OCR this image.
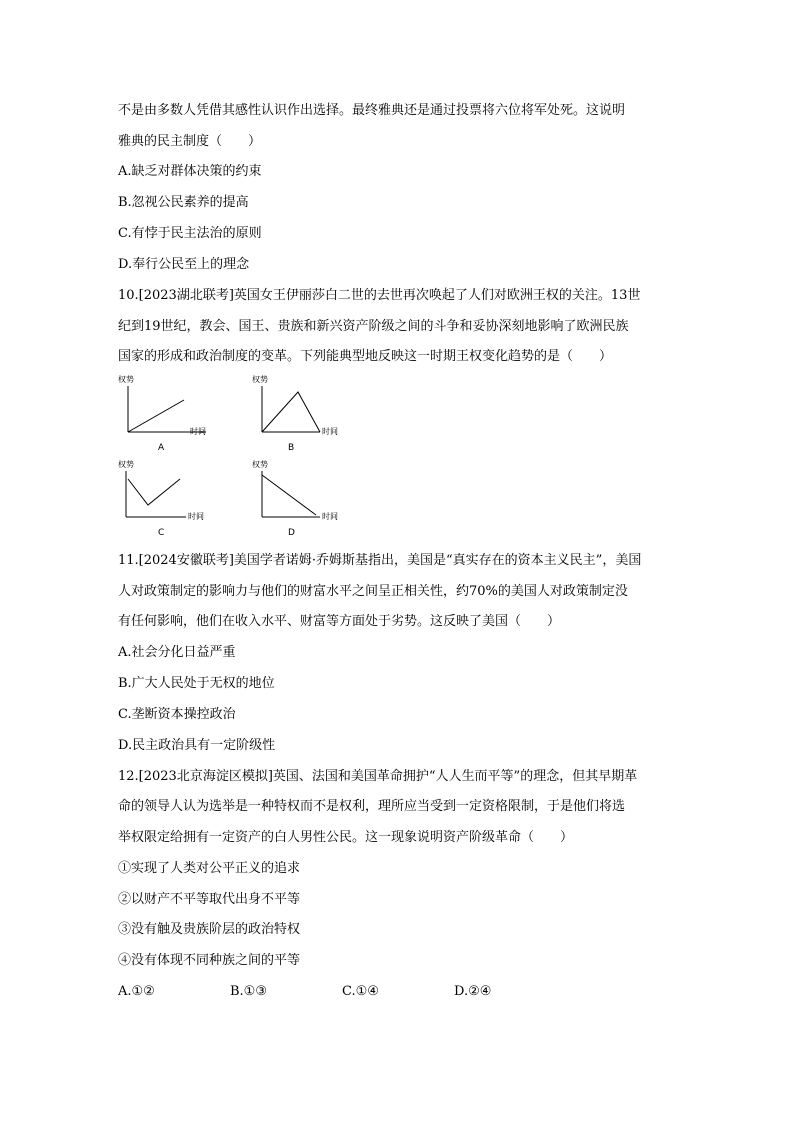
不是由多数人凭借其感性认识作出选择。最终雅典还是通过投票将六位将军处死。这说明
雅典的民主制度（　　）
A.缺乏对群体决策的约束
B.忽视公民素养的提高
C.有悖于民主法治的原则
D.奉行公民至上的理念
10.[2023湖北联考]英国女王伊丽莎白二世的去世再次唤起了人们对欧洲王权的关注。13世
纪到19世纪，教会、国王、贵族和新兴资产阶级之间的斗争和妥协深刻地影响了欧洲民族
国家的形成和政治制度的变革。下列能典型地反映这一时期王权变化趋势的是（　　）
权势
时间
A
权势
时间
B
权势
时间
C
权势
时间
D
11.[2024安徽联考]美国学者诺姆·乔姆斯基指出，美国是“真实存在的资本主义民主”，美国
人对政策制定的影响力与他们的财富水平之间呈正相关性，约70%的美国人对政策制定没
有任何影响，他们在收入水平、财富等方面处于劣势。这反映了美国（　　）
A.社会分化日益严重
B.广大人民处于无权的地位
C.垄断资本操控政治
D.民主政治具有一定阶级性
12.[2023北京海淀区模拟]英国、法国和美国革命拥护“人人生而平等”的理念，但其早期革
命的领导人认为选举是一种特权而不是权利，理所应当受到一定资格限制，于是他们将选
举权限定给拥有一定资产的白人男性公民。这一现象说明资产阶级革命（　　）
①实现了人类对公平正义的追求
②以财产不平等取代出身不平等
③没有触及贵族阶层的政治特权
④没有体现不同种族之间的平等
A.①②	B.①③	C.①④	D.②④
